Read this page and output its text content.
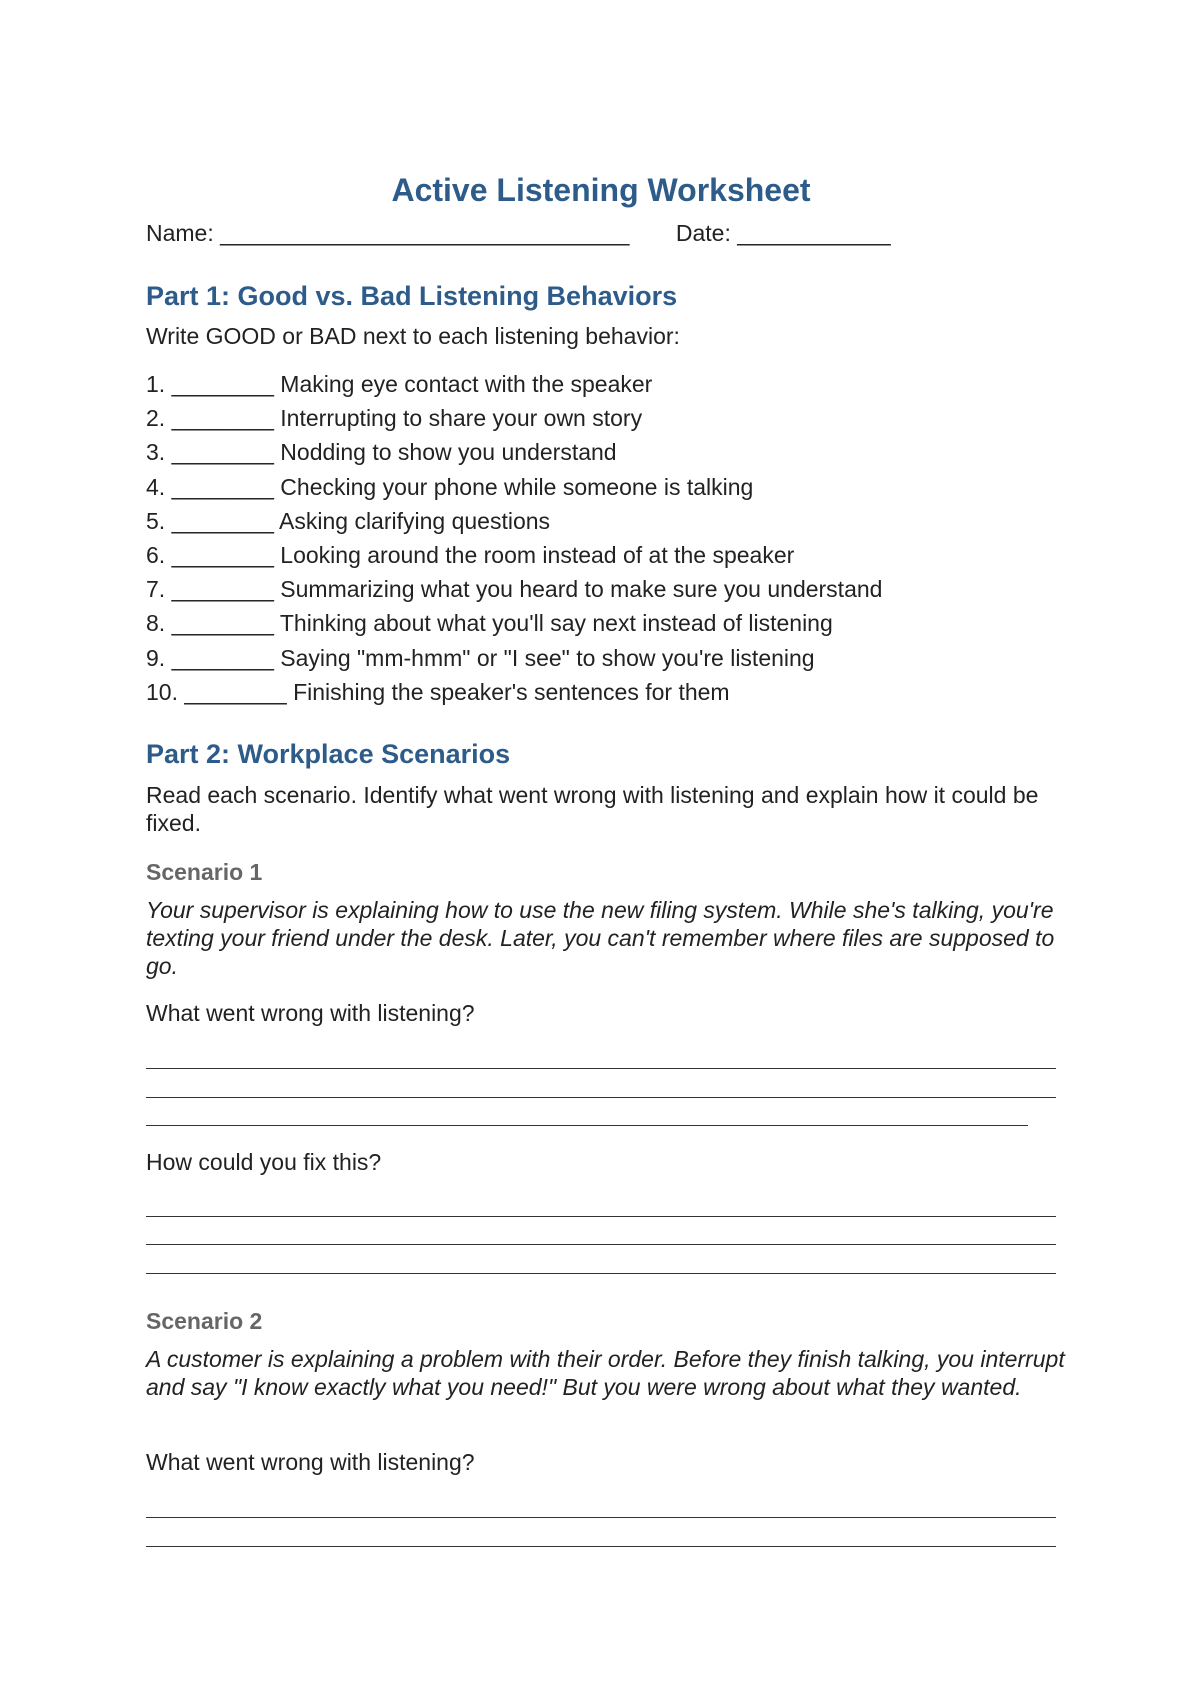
Active Listening Worksheet
Name: ________________________________ Date: ____________
Part 1: Good vs. Bad Listening Behaviors

Write GOOD or BAD next to each listening behavior:

1. ________ Making eye contact with the speaker
2. ________ Interrupting to share your own story
3. ________ Nodding to show you understand
4. ________ Checking your phone while someone is talking
5. ________ Asking clarifying questions
6. ________ Looking around the room instead of at the speaker
7. ________ Summarizing what you heard to make sure you understand
8. ________ Thinking about what you'll say next instead of listening
9. ________ Saying "mm-hmm" or "I see" to show you're listening
10. ________ Finishing the speaker's sentences for them
Part 2: Workplace Scenarios

Read each scenario. Identify what went wrong with listening and explain how it could be fixed.

Scenario 1

Your supervisor is explaining how to use the new filing system. While she's talking, you're texting your friend under the desk. Later, you can't remember where files are supposed to go.

What went wrong with listening?

How could you fix this?

Scenario 2

A customer is explaining a problem with their order. Before they finish talking, you interrupt and say "I know exactly what you need!" But you were wrong about what they wanted.

What went wrong with listening?
